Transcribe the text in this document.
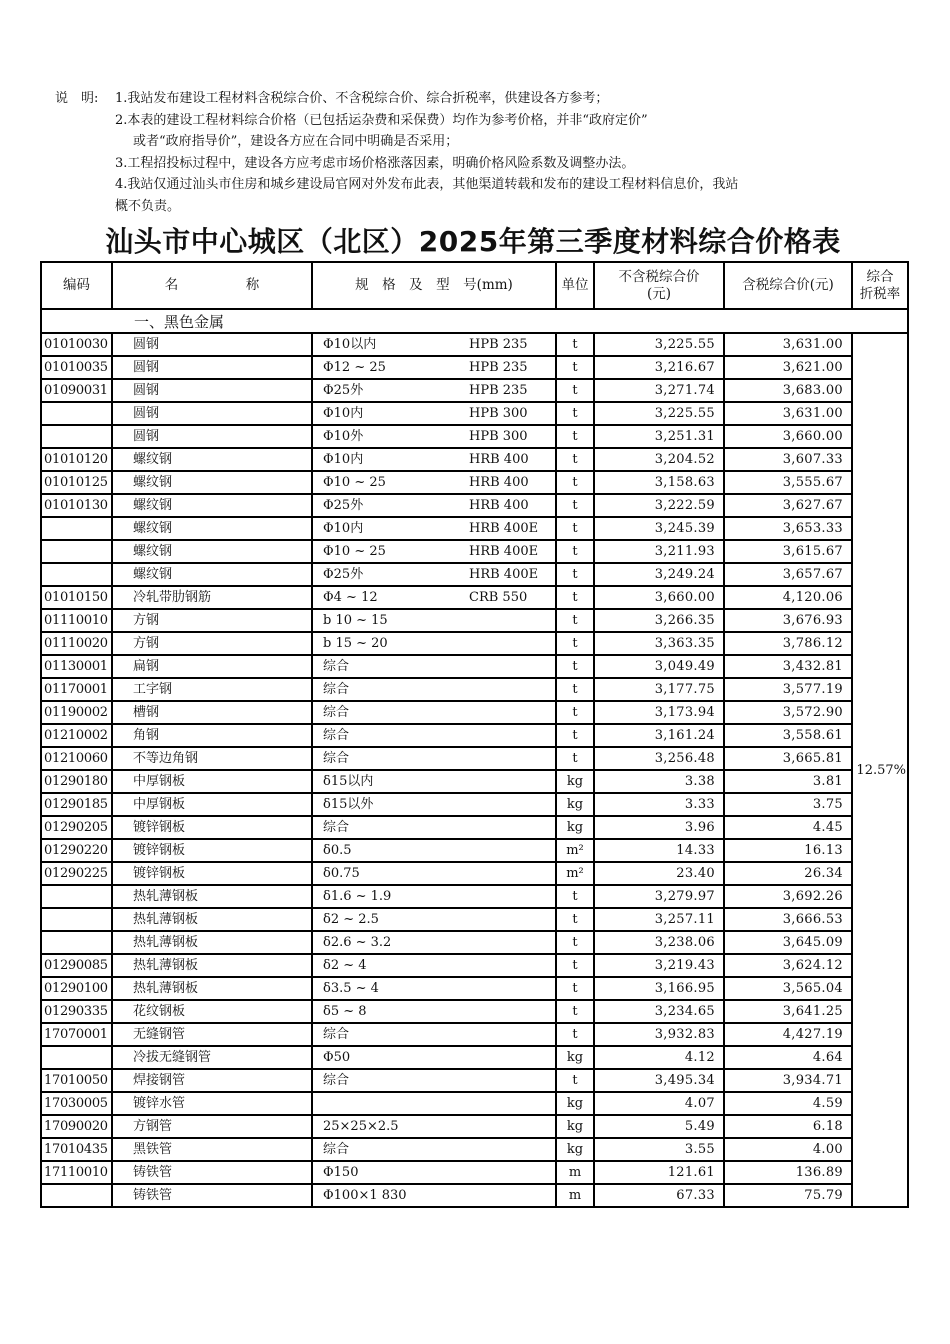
说　明: 1.我站发布建设工程材料含税综合价、不含税综合价、综合折税率，供建设各方参考；
2.本表的建设工程材料综合价格（已包括运杂费和采保费）均作为参考价格，并非“政府定价”
或者“政府指导价”，建设各方应在合同中明确是否采用；
3.工程招投标过程中，建设各方应考虑市场价格涨落因素，明确价格风险系数及调整办法。
4.我站仅通过汕头市住房和城乡建设局官网对外发布此表，其他渠道转载和发布的建设工程材料信息价，我站
概不负责。
汕头市中心城区（北区）2025年第三季度材料综合价格表
编码	名　　　　　称	规　格　及　型　号(mm)	单位	不含税综合价
(元)	含税综合价(元)	综合
折税率
一、黑色金属						
01010030	圆钢	Φ10以内 HPB 235	t	3,225.55	3,631.00	12.57%
01010035	圆钢	Φ12 ~ 25 HPB 235	t	3,216.67	3,621.00	
01090031	圆钢	Φ25外 HPB 235	t	3,271.74	3,683.00	
	圆钢	Φ10内 HPB 300	t	3,225.55	3,631.00	
	圆钢	Φ10外 HPB 300	t	3,251.31	3,660.00	
01010120	螺纹钢	Φ10内 HRB 400	t	3,204.52	3,607.33	
01010125	螺纹钢	Φ10 ~ 25 HRB 400	t	3,158.63	3,555.67	
01010130	螺纹钢	Φ25外 HRB 400	t	3,222.59	3,627.67	
	螺纹钢	Φ10内 HRB 400E	t	3,245.39	3,653.33	
	螺纹钢	Φ10 ~ 25 HRB 400E	t	3,211.93	3,615.67	
	螺纹钢	Φ25外 HRB 400E	t	3,249.24	3,657.67	
01010150	冷轧带肋钢筋	Φ4 ~ 12 CRB 550	t	3,660.00	4,120.06	
01110010	方钢	b 10 ~ 15	t	3,266.35	3,676.93	
01110020	方钢	b 15 ~ 20	t	3,363.35	3,786.12	
01130001	扁钢	综合	t	3,049.49	3,432.81	
01170001	工字钢	综合	t	3,177.75	3,577.19	
01190002	槽钢	综合	t	3,173.94	3,572.90	
01210002	角钢	综合	t	3,161.24	3,558.61	
01210060	不等边角钢	综合	t	3,256.48	3,665.81	
01290180	中厚钢板	δ15以内	kg	3.38	3.81	
01290185	中厚钢板	δ15以外	kg	3.33	3.75	
01290205	镀锌钢板	综合	kg	3.96	4.45	
01290220	镀锌钢板	δ0.5	m²	14.33	16.13	
01290225	镀锌钢板	δ0.75	m²	23.40	26.34	
	热轧薄钢板	δ1.6 ~ 1.9	t	3,279.97	3,692.26	
	热轧薄钢板	δ2 ~ 2.5	t	3,257.11	3,666.53	
	热轧薄钢板	δ2.6 ~ 3.2	t	3,238.06	3,645.09	
01290085	热轧薄钢板	δ2 ~ 4	t	3,219.43	3,624.12	
01290100	热轧薄钢板	δ3.5 ~ 4	t	3,166.95	3,565.04	
01290335	花纹钢板	δ5 ~ 8	t	3,234.65	3,641.25	
17070001	无缝钢管	综合	t	3,932.83	4,427.19	
	冷拔无缝钢管	Φ50	kg	4.12	4.64	
17010050	焊接钢管	综合	t	3,495.34	3,934.71	
17030005	镀锌水管		kg	4.07	4.59	
17090020	方钢管	25×25×2.5	kg	5.49	6.18	
17010435	黑铁管	综合	kg	3.55	4.00	
17110010	铸铁管	Φ150	m	121.61	136.89	
	铸铁管	Φ100×1 830	m	67.33	75.79	
